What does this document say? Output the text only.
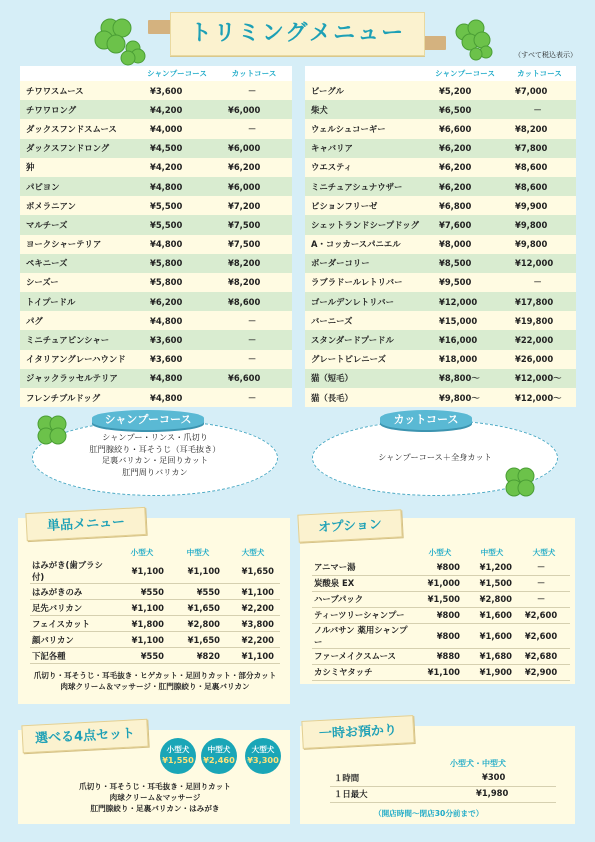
トリミングメニュー
（すべて税込表示）
	シャンプーコース	カットコース
チワワスムース	¥3,600	－
チワワロング	¥4,200	¥6,000
ダックスフンドスムース	¥4,000	－
ダックスフンドロング	¥4,500	¥6,000
狆	¥4,200	¥6,200
パピヨン	¥4,800	¥6,000
ポメラニアン	¥5,500	¥7,200
マルチーズ	¥5,500	¥7,500
ヨークシャーテリア	¥4,800	¥7,500
ペキニーズ	¥5,800	¥8,200
シーズー	¥5,800	¥8,200
トイプードル	¥6,200	¥8,600
パグ	¥4,800	－
ミニチュアピンシャー	¥3,600	－
イタリアングレーハウンド	¥3,600	－
ジャックラッセルテリア	¥4,800	¥6,600
フレンチブルドッグ	¥4,800	－
	シャンプーコース	カットコース
ビーグル	¥5,200	¥7,000
柴犬	¥6,500	－
ウェルシュコーギー	¥6,600	¥8,200
キャバリア	¥6,200	¥7,800
ウエスティ	¥6,200	¥8,600
ミニチュアシュナウザー	¥6,200	¥8,600
ビションフリーゼ	¥6,800	¥9,900
シェットランドシープドッグ	¥7,600	¥9,800
A・コッカースパニエル	¥8,000	¥9,800
ボーダーコリー	¥8,500	¥12,000
ラブラドールレトリバー	¥9,500	－
ゴールデンレトリバー	¥12,000	¥17,800
バーニーズ	¥15,000	¥19,800
スタンダードプードル	¥16,000	¥22,000
グレートピレニーズ	¥18,000	¥26,000
猫（短毛）	¥8,800～	¥12,000～
猫（長毛）	¥9,800～	¥12,000～
シャンプーコース
シャンプー・リンス・爪切り
肛門腺絞り・耳そうじ（耳毛抜き）
足裏バリカン・足回りカット
肛門周りバリカン
カットコース
シャンプーコース＋全身カット
単品メニュー
	小型犬	中型犬	大型犬
はみがき(歯ブラシ付)	¥1,100	¥1,100	¥1,650
はみがきのみ	¥550	¥550	¥1,100
足先バリカン	¥1,100	¥1,650	¥2,200
フェイスカット	¥1,800	¥2,800	¥3,800
顔バリカン	¥1,100	¥1,650	¥2,200
下記各種	¥550	¥820	¥1,100
爪切り・耳そうじ・耳毛抜き・ヒゲカット・足回りカット・部分カット
肉球クリーム＆マッサージ・肛門腺絞り・足裏バリカン
オプション
	小型犬	中型犬	大型犬
アニマー湯	¥800	¥1,200	－
炭酸泉 EX	¥1,000	¥1,500	－
ハーブパック	¥1,500	¥2,800	－
ティーツリーシャンプー	¥800	¥1,600	¥2,600
ノルバサン 薬用シャンプー	¥800	¥1,600	¥2,600
ファーメイクスムース	¥880	¥1,680	¥2,680
カシミヤタッチ	¥1,100	¥1,900	¥2,900
選べる4点セット
小型犬
¥1,550
中型犬
¥2,460
大型犬
¥3,300
爪切り・耳そうじ・耳毛抜き・足回りカット
肉球クリーム＆マッサージ
肛門腺絞り・足裏バリカン・はみがき
一時お預かり
小型犬・中型犬
１時間	¥300
１日最大	¥1,980
（開店時間～閉店30分前まで）
